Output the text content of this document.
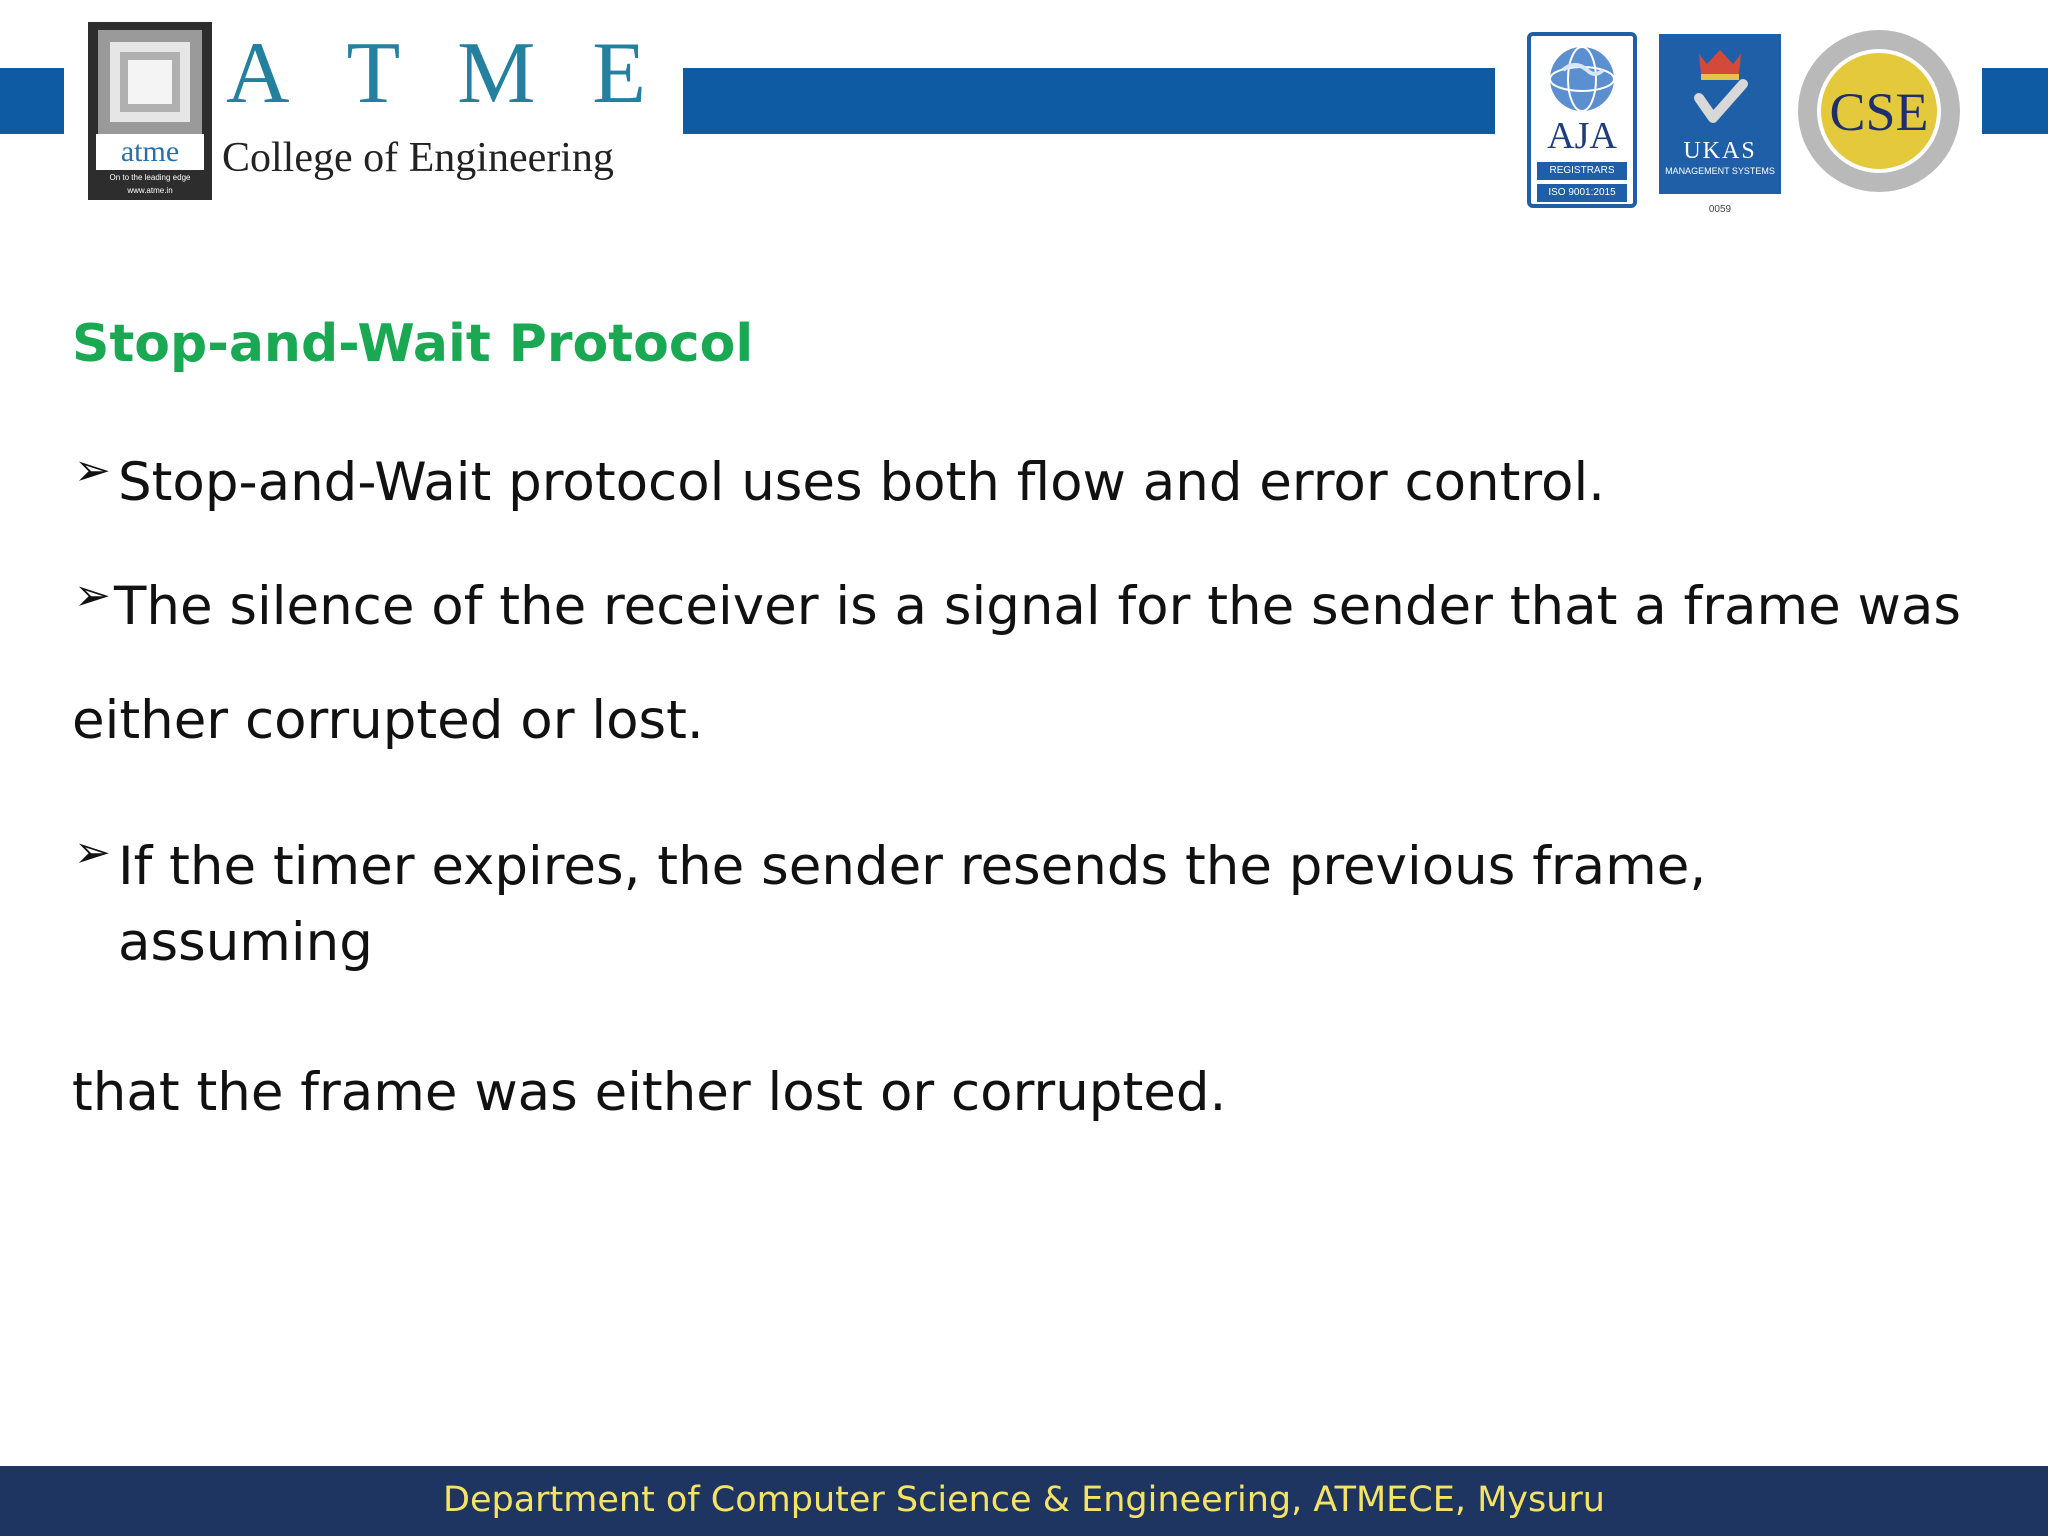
atme
On to the leading edge
www.atme.in
A T M E
College of Engineering	AJA
REGISTRARS
ISO 9001:2015
UKAS
MANAGEMENT SYSTEMS
0059
CSE
Stop-and-Wait Protocol
➢ Stop-and-Wait protocol uses both flow and error control.
➢ The silence of the receiver is a signal for the sender that a frame was
either corrupted or lost.
➢ If the timer expires, the sender resends the previous frame,
assuming
that the frame was either lost or corrupted.
Department of Computer Science & Engineering, ATMECE, Mysuru
